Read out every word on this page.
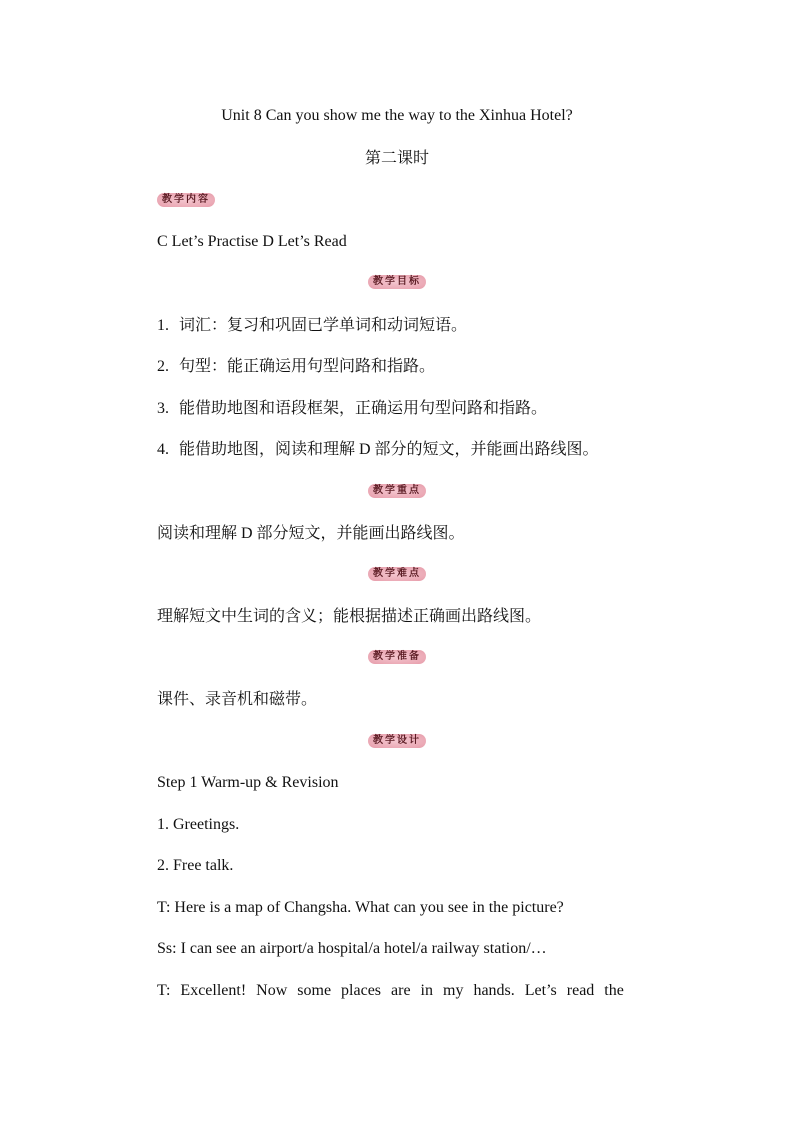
Unit 8 Can you show me the way to the Xinhua Hotel?
第二课时
教学内容
C Let’s Practise D Let’s Read
教学目标
1. 词汇：复习和巩固已学单词和动词短语。
2. 句型：能正确运用句型问路和指路。
3. 能借助地图和语段框架，正确运用句型问路和指路。
4. 能借助地图，阅读和理解 D 部分的短文，并能画出路线图。
教学重点
阅读和理解 D 部分短文，并能画出路线图。
教学难点
理解短文中生词的含义；能根据描述正确画出路线图。
教学准备
课件、录音机和磁带。
教学设计
Step 1 Warm-up & Revision
1. Greetings.
2. Free talk.
T: Here is a map of Changsha. What can you see in the picture?
Ss: I can see an airport/a hospital/a hotel/a railway station/…
T: Excellent! Now some places are in my hands. Let’s read the
